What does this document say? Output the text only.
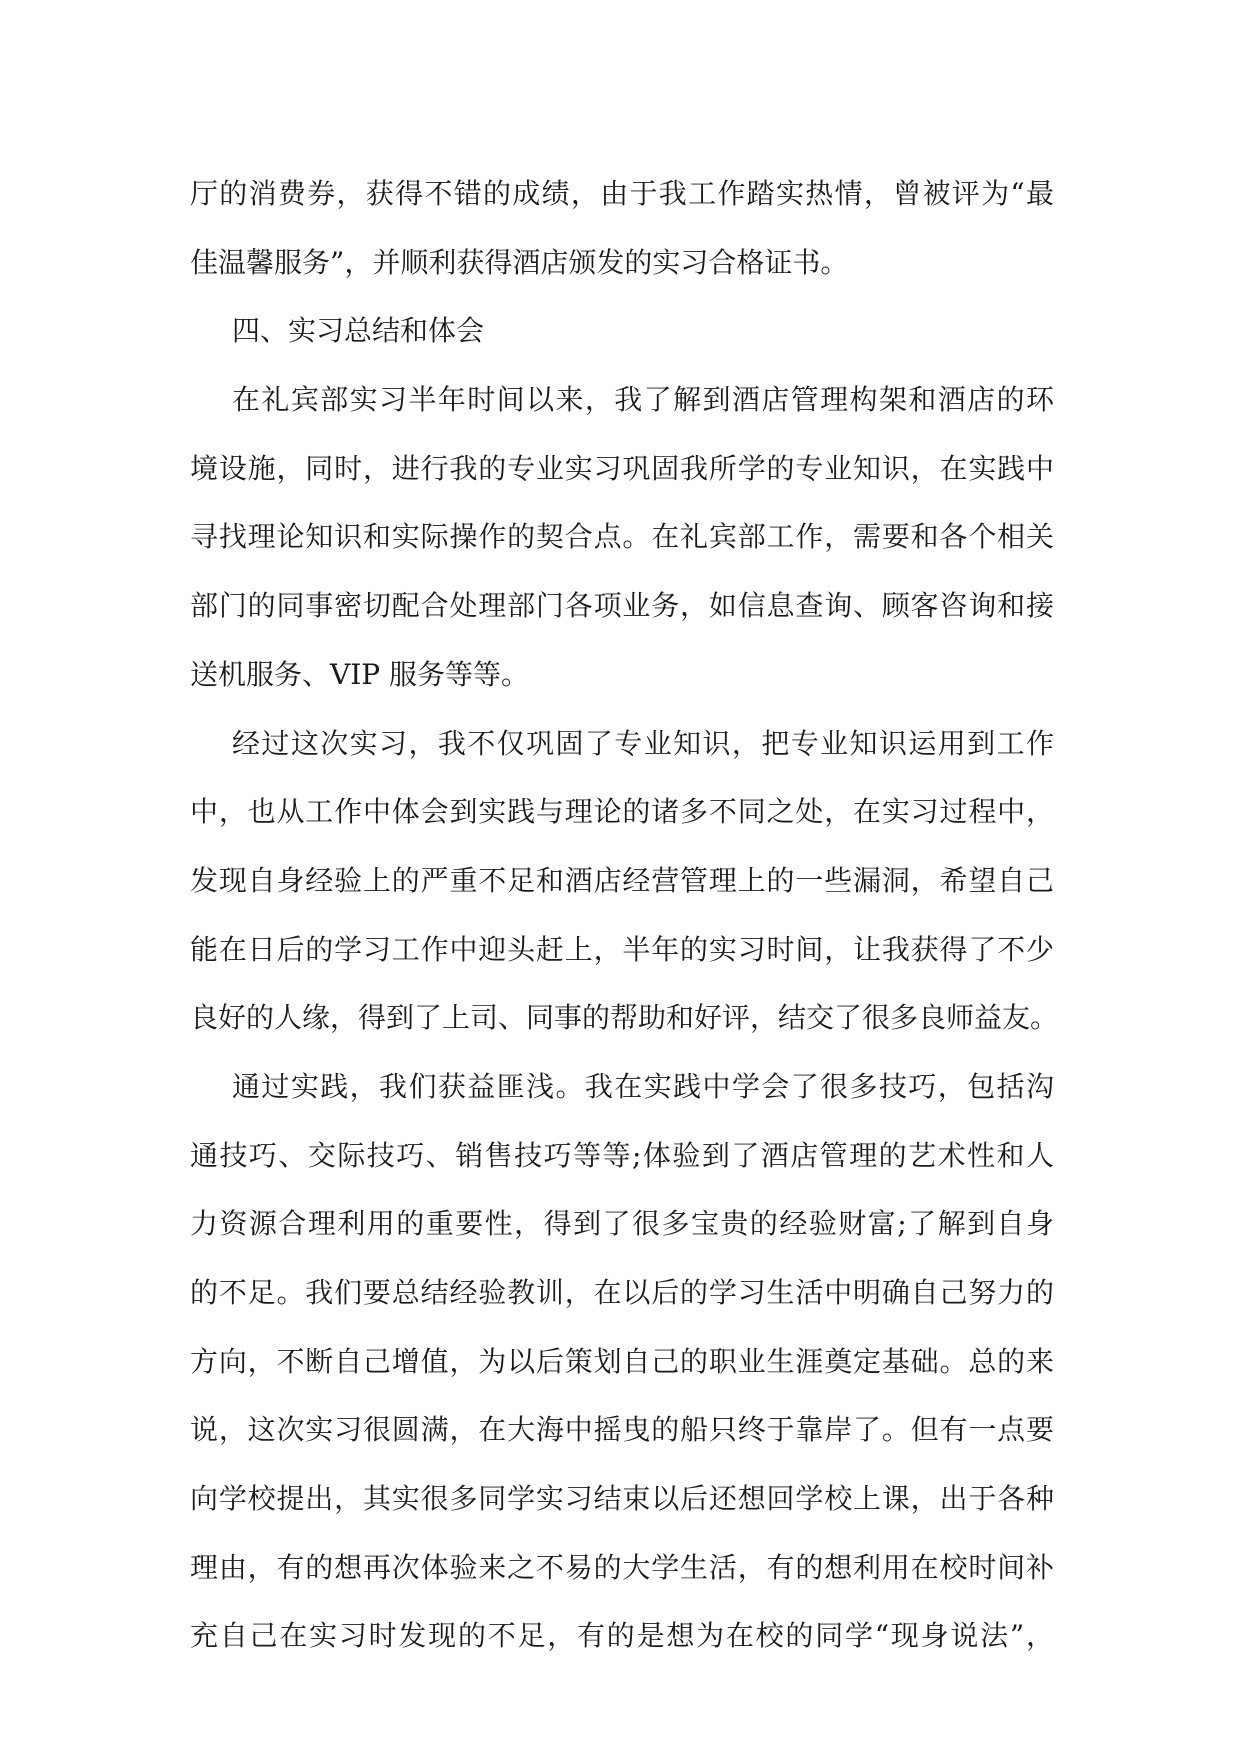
厅的消费券，获得不错的成绩，由于我工作踏实热情，曾被评为“最
佳温馨服务”，并顺利获得酒店颁发的实习合格证书。
四、实习总结和体会
在礼宾部实习半年时间以来，我了解到酒店管理构架和酒店的环
境设施，同时，进行我的专业实习巩固我所学的专业知识，在实践中
寻找理论知识和实际操作的契合点。在礼宾部工作，需要和各个相关
部门的同事密切配合处理部门各项业务，如信息查询、顾客咨询和接
送机服务、VIP 服务等等。
经过这次实习，我不仅巩固了专业知识，把专业知识运用到工作
中，也从工作中体会到实践与理论的诸多不同之处，在实习过程中，
发现自身经验上的严重不足和酒店经营管理上的一些漏洞，希望自己
能在日后的学习工作中迎头赶上，半年的实习时间，让我获得了不少
良好的人缘，得到了上司、同事的帮助和好评，结交了很多良师益友。
通过实践，我们获益匪浅。我在实践中学会了很多技巧，包括沟
通技巧、交际技巧、销售技巧等等;体验到了酒店管理的艺术性和人
力资源合理利用的重要性，得到了很多宝贵的经验财富;了解到自身
的不足。我们要总结经验教训，在以后的学习生活中明确自己努力的
方向，不断自己增值，为以后策划自己的职业生涯奠定基础。总的来
说，这次实习很圆满，在大海中摇曳的船只终于靠岸了。但有一点要
向学校提出，其实很多同学实习结束以后还想回学校上课，出于各种
理由，有的想再次体验来之不易的大学生活，有的想利用在校时间补
充自己在实习时发现的不足，有的是想为在校的同学“现身说法”，
